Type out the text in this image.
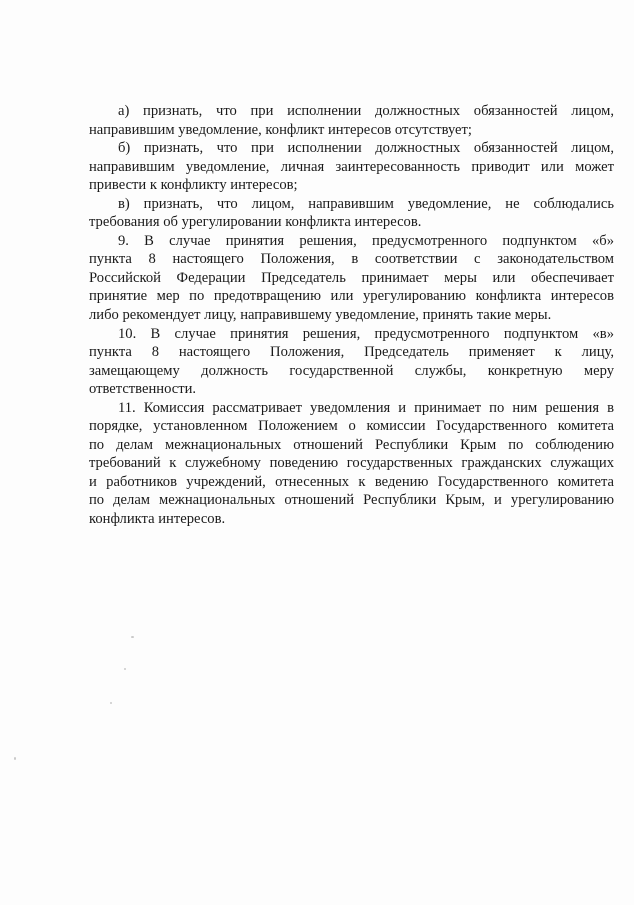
а) признать, что при исполнении должностных обязанностей лицом,
направившим уведомление, конфликт интересов отсутствует;
б) признать, что при исполнении должностных обязанностей лицом,
направившим уведомление, личная заинтересованность приводит или может
привести к конфликту интересов;
в) признать, что лицом, направившим уведомление, не соблюдались
требования об урегулировании конфликта интересов.
9. В случае принятия решения, предусмотренного подпунктом «б»
пункта 8 настоящего Положения, в соответствии с законодательством
Российской Федерации Председатель принимает меры или обеспечивает
принятие мер по предотвращению или урегулированию конфликта интересов
либо рекомендует лицу, направившему уведомление, принять такие меры.
10. В случае принятия решения, предусмотренного подпунктом «в»
пункта 8 настоящего Положения, Председатель применяет к лицу,
замещающему должность государственной службы, конкретную меру
ответственности.
11. Комиссия рассматривает уведомления и принимает по ним решения в
порядке, установленном Положением о комиссии Государственного комитета
по делам межнациональных отношений Республики Крым по соблюдению
требований к служебному поведению государственных гражданских служащих
и работников учреждений, отнесенных к ведению Государственного комитета
по делам межнациональных отношений Республики Крым, и урегулированию
конфликта интересов.
